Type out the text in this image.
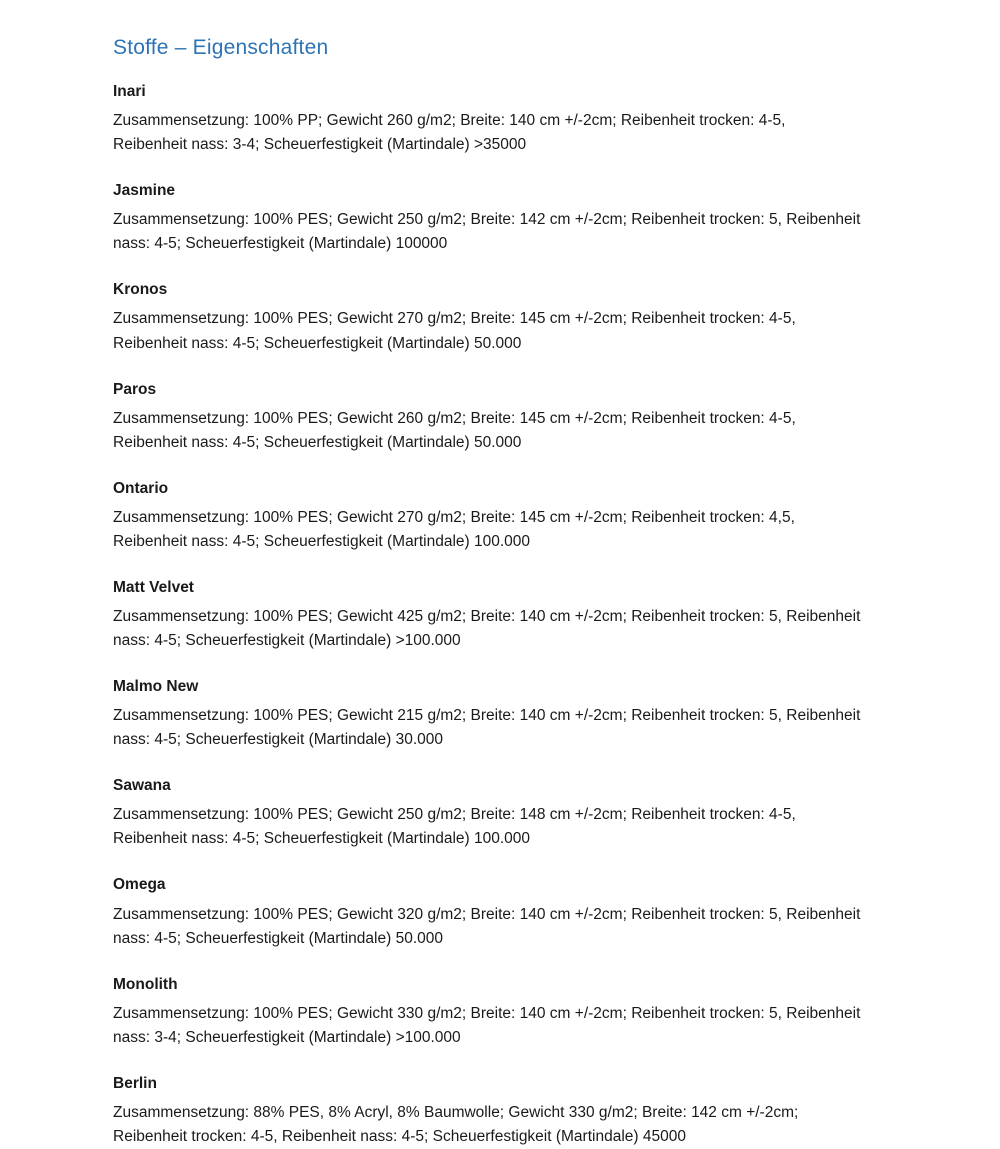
Stoffe – Eigenschaften

Inari

Zusammensetzung: 100% PP; Gewicht 260 g/m2; Breite: 140 cm +/-2cm; Reibenheit trocken: 4-5, Reibenheit nass: 3-4; Scheuerfestigkeit (Martindale) >35000

Jasmine

Zusammensetzung: 100% PES; Gewicht 250 g/m2; Breite: 142 cm +/-2cm; Reibenheit trocken: 5, Reibenheit nass: 4-5; Scheuerfestigkeit (Martindale) 100000

Kronos

Zusammensetzung: 100% PES; Gewicht 270 g/m2; Breite: 145 cm +/-2cm; Reibenheit trocken: 4-5, Reibenheit nass: 4-5; Scheuerfestigkeit (Martindale) 50.000

Paros

Zusammensetzung: 100% PES; Gewicht 260 g/m2; Breite: 145 cm +/-2cm; Reibenheit trocken: 4-5, Reibenheit nass: 4-5; Scheuerfestigkeit (Martindale) 50.000

Ontario

Zusammensetzung: 100% PES; Gewicht 270 g/m2; Breite: 145 cm +/-2cm; Reibenheit trocken: 4,5, Reibenheit nass: 4-5; Scheuerfestigkeit (Martindale) 100.000

Matt Velvet

Zusammensetzung: 100% PES; Gewicht 425 g/m2; Breite: 140 cm +/-2cm; Reibenheit trocken: 5, Reibenheit nass: 4-5; Scheuerfestigkeit (Martindale) >100.000

Malmo New

Zusammensetzung: 100% PES; Gewicht 215 g/m2; Breite: 140 cm +/-2cm; Reibenheit trocken: 5, Reibenheit nass: 4-5; Scheuerfestigkeit (Martindale) 30.000

Sawana

Zusammensetzung: 100% PES; Gewicht 250 g/m2; Breite: 148 cm +/-2cm; Reibenheit trocken: 4-5, Reibenheit nass: 4-5; Scheuerfestigkeit (Martindale) 100.000

Omega

Zusammensetzung: 100% PES; Gewicht 320 g/m2; Breite: 140 cm +/-2cm; Reibenheit trocken: 5, Reibenheit nass: 4-5; Scheuerfestigkeit (Martindale) 50.000

Monolith

Zusammensetzung: 100% PES; Gewicht 330 g/m2; Breite: 140 cm +/-2cm; Reibenheit trocken: 5, Reibenheit nass: 3-4; Scheuerfestigkeit (Martindale) >100.000

Berlin

Zusammensetzung: 88% PES, 8% Acryl, 8% Baumwolle; Gewicht 330 g/m2; Breite: 142 cm +/-2cm; Reibenheit trocken: 4-5, Reibenheit nass: 4-5; Scheuerfestigkeit (Martindale) 45000
